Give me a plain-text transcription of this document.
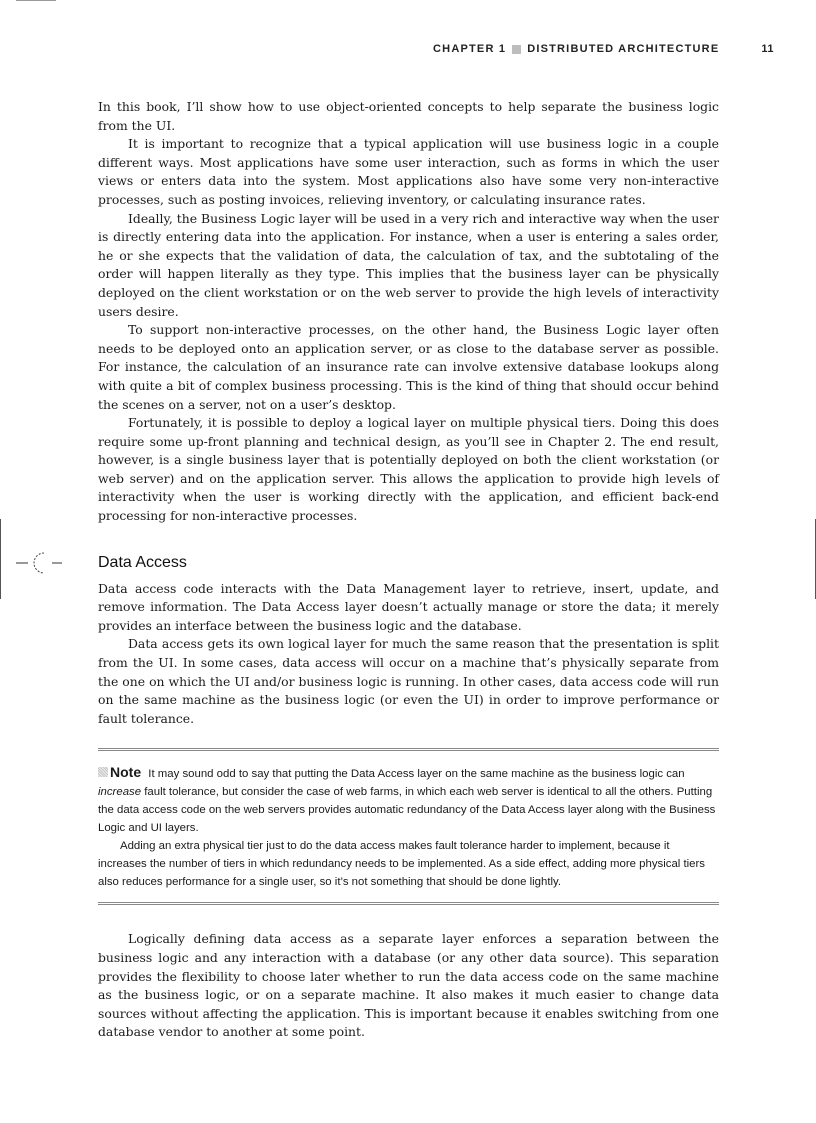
CHAPTER 1 DISTRIBUTED ARCHITECTURE	11

In this book, I’ll show how to use object-oriented concepts to help separate the business logic from the UI.

It is important to recognize that a typical application will use business logic in a couple different ways. Most applications have some user interaction, such as forms in which the user views or enters data into the system. Most applications also have some very non-interactive processes, such as posting invoices, relieving inventory, or calculating insurance rates.

Ideally, the Business Logic layer will be used in a very rich and interactive way when the user is directly entering data into the application. For instance, when a user is entering a sales order, he or she expects that the validation of data, the calculation of tax, and the subtotaling of the order will happen literally as they type. This implies that the business layer can be physically deployed on the client workstation or on the web server to provide the high levels of interactivity users desire.

To support non-interactive processes, on the other hand, the Business Logic layer often needs to be deployed onto an application server, or as close to the database server as possible. For instance, the calculation of an insurance rate can involve extensive database lookups along with quite a bit of complex business processing. This is the kind of thing that should occur behind the scenes on a server, not on a user’s desktop.

Fortunately, it is possible to deploy a logical layer on multiple physical tiers. Doing this does require some up-front planning and technical design, as you’ll see in Chapter 2. The end result, however, is a single business layer that is potentially deployed on both the client workstation (or web server) and on the application server. This allows the application to provide high levels of interactivity when the user is working directly with the application, and efficient back-end processing for non-interactive processes.

Data Access

Data access code interacts with the Data Management layer to retrieve, insert, update, and remove information. The Data Access layer doesn’t actually manage or store the data; it merely provides an interface between the business logic and the database.

Data access gets its own logical layer for much the same reason that the presentation is split from the UI. In some cases, data access will occur on a machine that’s physically separate from the one on which the UI and/or business logic is running. In other cases, data access code will run on the same machine as the business logic (or even the UI) in order to improve performance or fault tolerance.

Note It may sound odd to say that putting the Data Access layer on the same machine as the business logic can increase fault tolerance, but consider the case of web farms, in which each web server is identical to all the others. Putting the data access code on the web servers provides automatic redundancy of the Data Access layer along with the Business Logic and UI layers.

Adding an extra physical tier just to do the data access makes fault tolerance harder to implement, because it increases the number of tiers in which redundancy needs to be implemented. As a side effect, adding more physical tiers also reduces performance for a single user, so it’s not something that should be done lightly.

Logically defining data access as a separate layer enforces a separation between the business logic and any interaction with a database (or any other data source). This separation provides the flexibility to choose later whether to run the data access code on the same machine as the business logic, or on a separate machine. It also makes it much easier to change data sources without affecting the application. This is important because it enables switching from one database vendor to another at some point.
